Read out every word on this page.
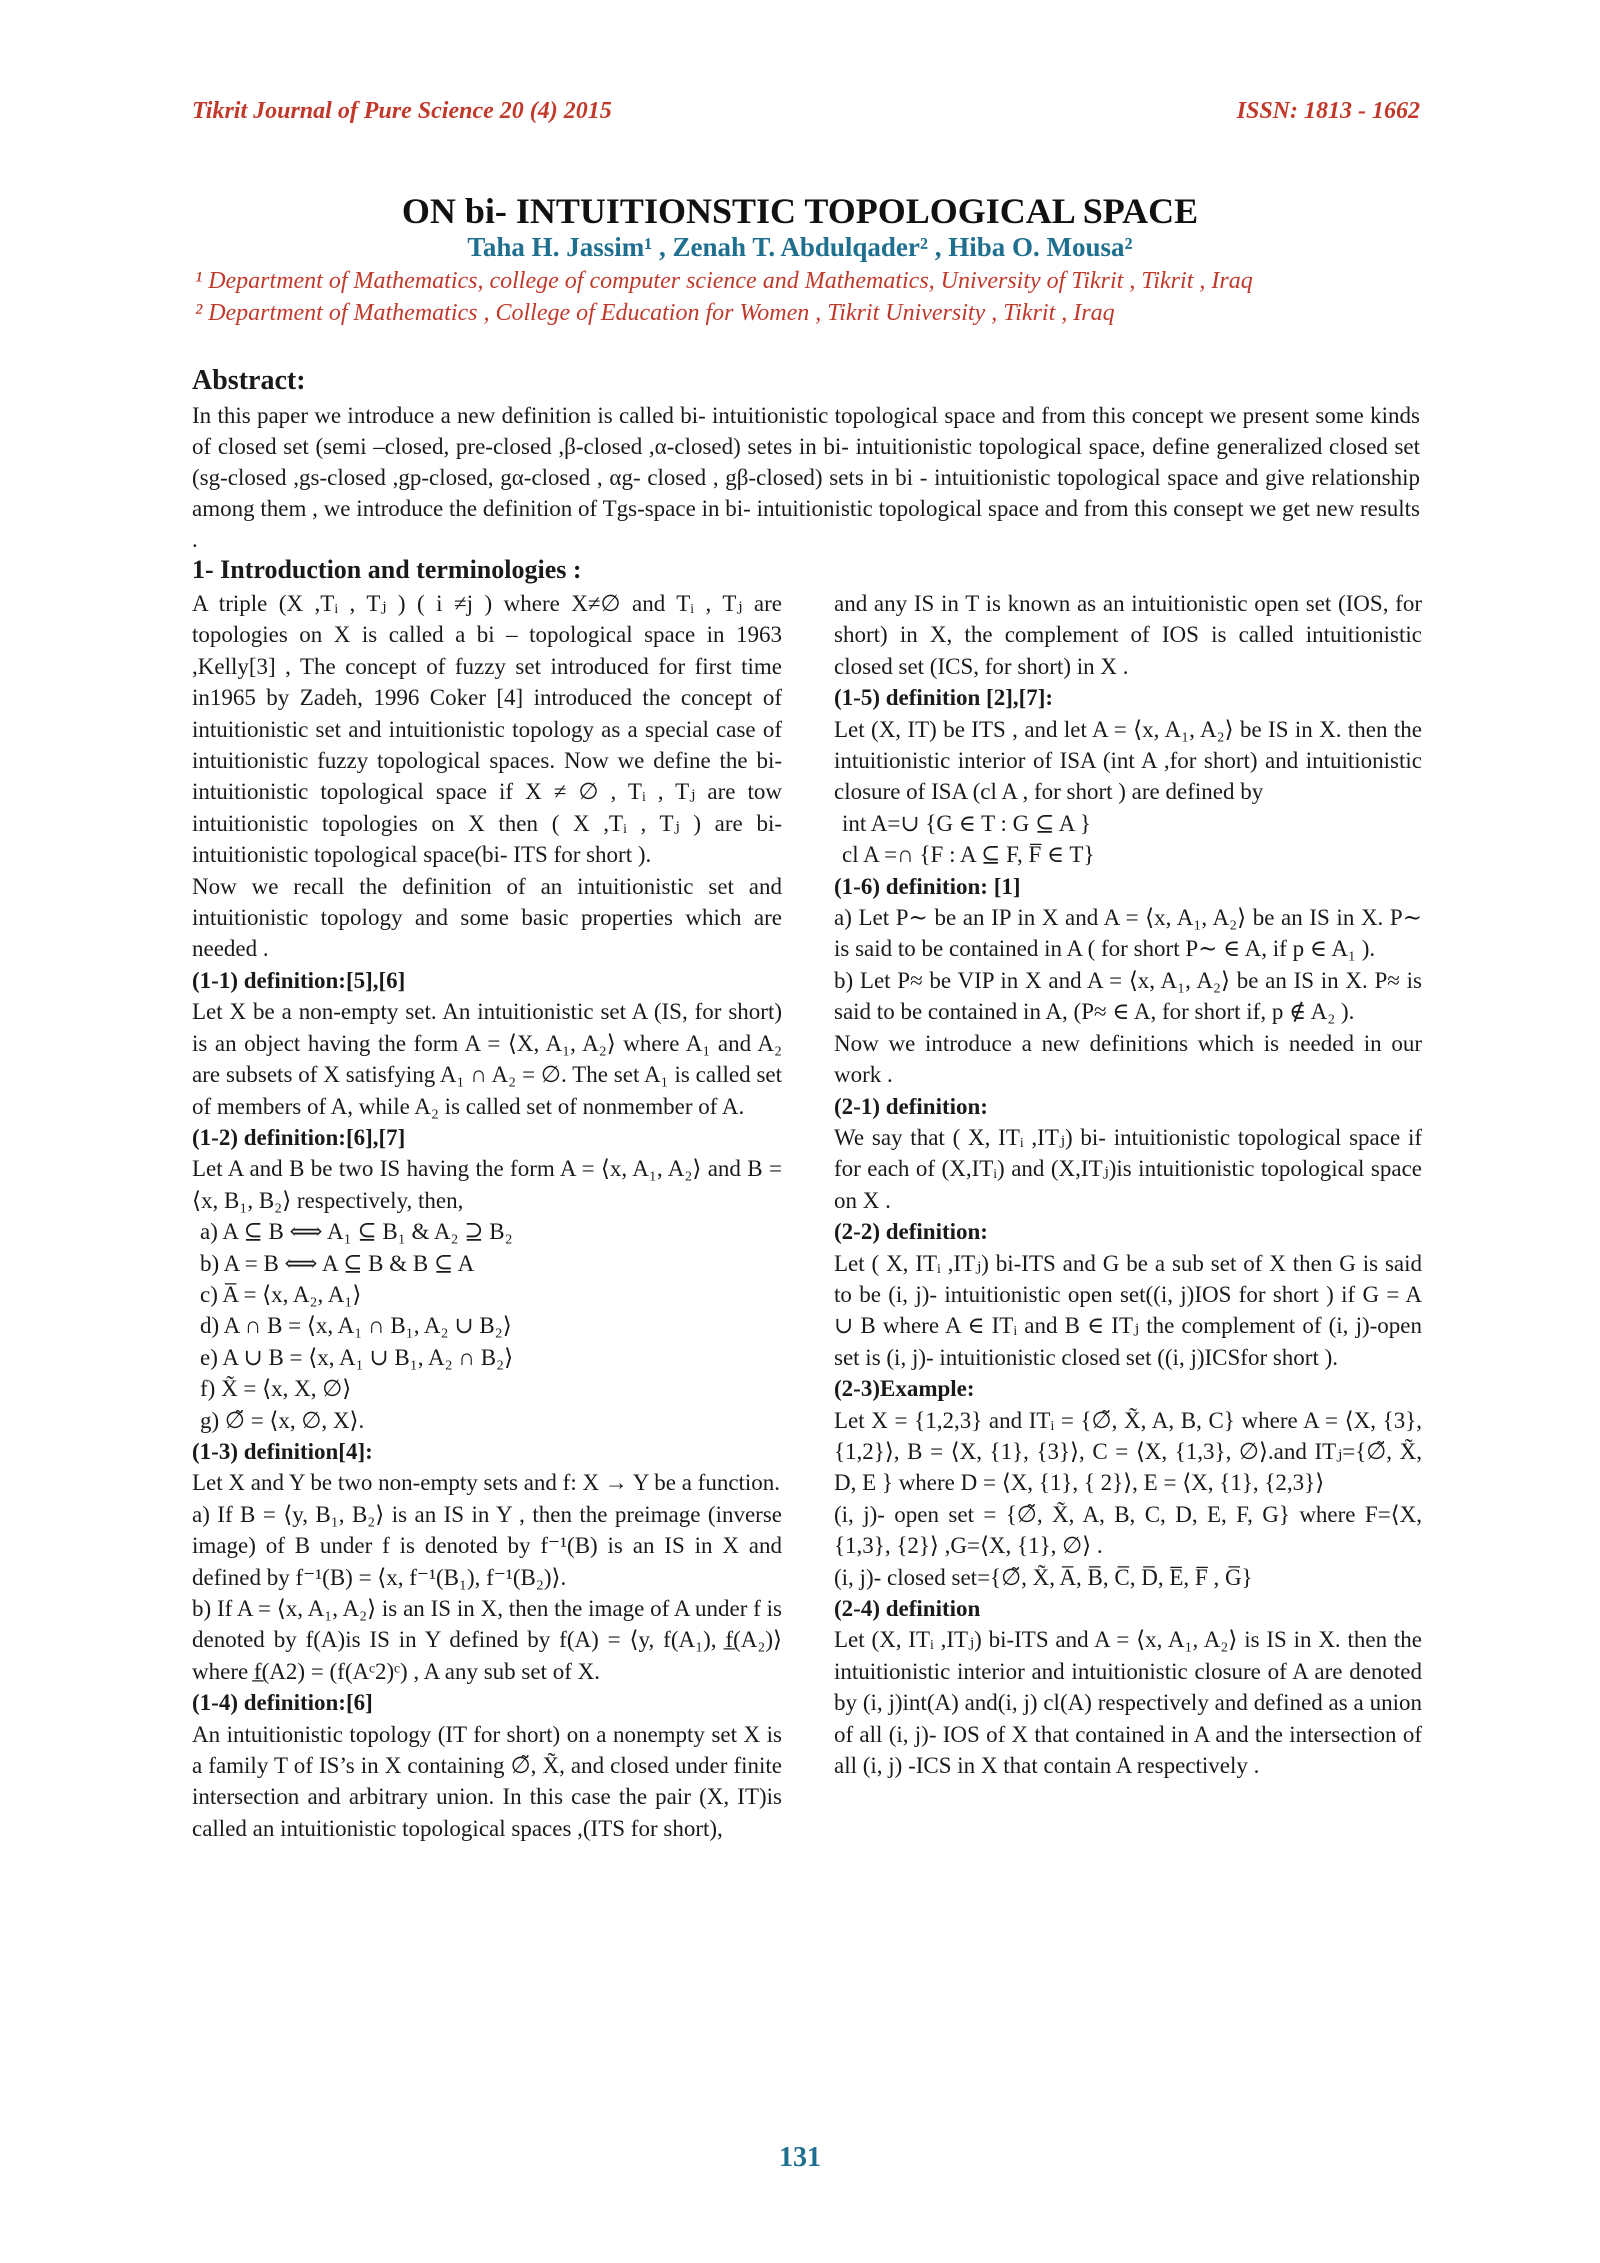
Tikrit Journal of Pure Science 20 (4) 2015	ISSN: 1813 - 1662
ON bi- INTUITIONSTIC TOPOLOGICAL SPACE
Taha H. Jassim¹ , Zenah T. Abdulqader² , Hiba O. Mousa²
¹ Department of Mathematics, college of computer science and Mathematics, University of Tikrit , Tikrit , Iraq
² Department of Mathematics , College of Education for Women , Tikrit University , Tikrit , Iraq
Abstract:
In this paper we introduce a new definition is called bi- intuitionistic topological space and from this concept we present some kinds of closed set (semi –closed, pre-closed ,β-closed ,α-closed) setes in bi- intuitionistic topological space, define generalized closed set (sg-closed ,gs-closed ,gp-closed, gα-closed , αg- closed , gβ-closed) sets in bi - intuitionistic topological space and give relationship among them , we introduce the definition of Tgs-space in bi- intuitionistic topological space and from this consept we get new results .
1- Introduction and terminologies :

A triple (X ,Tᵢ , Tⱼ ) ( i ≠j ) where X≠∅ and Tᵢ , Tⱼ are topologies on X is called a bi – topological space in 1963 ,Kelly[3] , The concept of fuzzy set introduced for first time in1965 by Zadeh, 1996 Coker [4] introduced the concept of intuitionistic set and intuitionistic topology as a special case of intuitionistic fuzzy topological spaces. Now we define the bi- intuitionistic topological space if X ≠ ∅ , Tᵢ , Tⱼ are tow intuitionistic topologies on X then ( X ,Tᵢ , Tⱼ ) are bi- intuitionistic topological space(bi- ITS for short ).

Now we recall the definition of an intuitionistic set and intuitionistic topology and some basic properties which are needed .

(1-1) definition:[5],[6]

Let X be a non-empty set. An intuitionistic set A (IS, for short) is an object having the form A = ⟨X, A₁, A₂⟩ where A₁ and A₂ are subsets of X satisfying A₁ ∩ A₂ = ∅. The set A₁ is called set of members of A, while A₂ is called set of nonmember of A.

(1-2) definition:[6],[7]

Let A and B be two IS having the form A = ⟨x, A₁, A₂⟩ and B = ⟨x, B₁, B₂⟩ respectively, then,

a) A ⊆ B ⟺ A₁ ⊆ B₁ & A₂ ⊇ B₂

b) A = B ⟺ A ⊆ B & B ⊆ A

c) A̅ = ⟨x, A₂, A₁⟩

d) A ∩ B = ⟨x, A₁ ∩ B₁, A₂ ∪ B₂⟩

e) A ∪ B = ⟨x, A₁ ∪ B₁, A₂ ∩ B₂⟩

f) X̃ = ⟨x, X, ∅⟩

g) ∅̃ = ⟨x, ∅, X⟩.

(1-3) definition[4]:

Let X and Y be two non-empty sets and f: X → Y be a function.

a) If B = ⟨y, B₁, B₂⟩ is an IS in Y , then the preimage (inverse image) of B under f is denoted by f⁻¹(B) is an IS in X and defined by f⁻¹(B) = ⟨x, f⁻¹(B₁), f⁻¹(B₂)⟩.

b) If A = ⟨x, A₁, A₂⟩ is an IS in X, then the image of A under f is denoted by f(A)is IS in Y defined by f(A) = ⟨y, f(A₁), f̲(A₂)⟩ where f̲(A2) = (f(Aᶜ2)ᶜ) , A any sub set of X.

(1-4) definition:[6]

An intuitionistic topology (IT for short) on a nonempty set X is a family T of IS’s in X containing ∅̃, X̃, and closed under finite intersection and arbitrary union. In this case the pair (X, IT)is called an intuitionistic topological spaces ,(ITS for short),

and any IS in T is known as an intuitionistic open set (IOS, for short) in X, the complement of IOS is called intuitionistic closed set (ICS, for short) in X .

(1-5) definition [2],[7]:

Let (X, IT) be ITS , and let A = ⟨x, A₁, A₂⟩ be IS in X. then the intuitionistic interior of ISA (int A ,for short) and intuitionistic closure of ISA (cl A , for short ) are defined by

int A=∪ {G ∈ T : G ⊆ A }

cl A =∩ {F : A ⊆ F, F̅ ∈ T}

(1-6) definition: [1]

a) Let P∼ be an IP in X and A = ⟨x, A₁, A₂⟩ be an IS in X. P∼ is said to be contained in A ( for short P∼ ∈ A, if p ∈ A₁ ).

b) Let P≈ be VIP in X and A = ⟨x, A₁, A₂⟩ be an IS in X. P≈ is said to be contained in A, (P≈ ∈ A, for short if, p ∉ A₂ ).

Now we introduce a new definitions which is needed in our work .

(2-1) definition:

We say that ( X, ITᵢ ,ITⱼ) bi- intuitionistic topological space if for each of (X,ITᵢ) and (X,ITⱼ)is intuitionistic topological space on X .

(2-2) definition:

Let ( X, ITᵢ ,ITⱼ) bi-ITS and G be a sub set of X then G is said to be (i, j)- intuitionistic open set((i, j)IOS for short ) if G = A ∪ B where A ∈ ITᵢ and B ∈ ITⱼ the complement of (i, j)-open set is (i, j)- intuitionistic closed set ((i, j)ICSfor short ).

(2-3)Example:

Let X = {1,2,3} and ITᵢ = {∅̃, X̃, A, B, C} where A = ⟨X, {3}, {1,2}⟩, B = ⟨X, {1}, {3}⟩, C = ⟨X, {1,3}, ∅⟩.and ITⱼ={∅̃, X̃, D, E } where D = ⟨X, {1}, { 2}⟩, E = ⟨X, {1}, {2,3}⟩

(i, j)- open set = {∅̃, X̃, A, B, C, D, E, F, G} where F=⟨X, {1,3}, {2}⟩ ,G=⟨X, {1}, ∅⟩ .

(i, j)- closed set={∅̃, X̃, A̅, B̅, C̅, D̅, E̅, F̅ , G̅}

(2-4) definition

Let (X, ITᵢ ,ITⱼ) bi-ITS and A = ⟨x, A₁, A₂⟩ is IS in X. then the intuitionistic interior and intuitionistic closure of A are denoted by (i, j)int(A) and(i, j) cl(A) respectively and defined as a union of all (i, j)- IOS of X that contained in A and the intersection of all (i, j) -ICS in X that contain A respectively .

131
